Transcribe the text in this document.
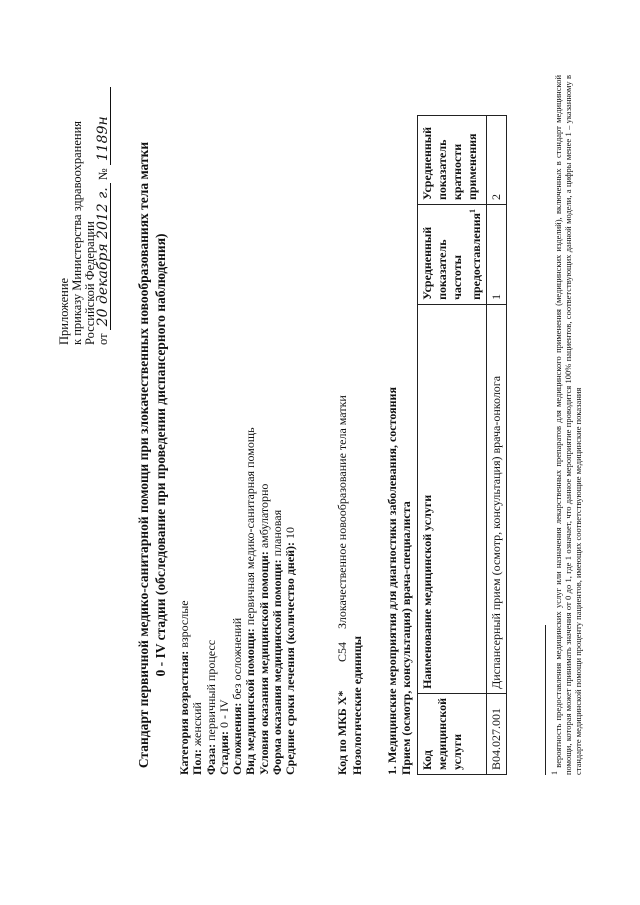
Приложение к приказу Министерства здравоохранения Российской Федерации от 20 декабря 2012 г. № 1189н
Стандарт первичной медико-санитарной помощи при злокачественных новообразованиях тела матки 0 - IV стадии (обследование при проведении диспансерного наблюдения)
Категория возрастная: взрослые
Пол: женский
Фаза: первичный процесс
Стадия: 0 - IV Осложнения: без осложнений Вид медицинской помощи: первичная медико-санитарная помощь
Условия оказания медицинской помощи: амбулаторно
Форма оказания медицинской помощи: плановая
Средние сроки лечения (количество дней): 10
Код по МКБ X* C54 Злокачественное новообразование тела матки
Нозологические единицы 1. Медицинские мероприятия для диагностики заболевания, состояния Прием (осмотр, консультация) врача-специалиста Код медицинской услуги	Наименование медицинской услуги	Усредненный показатель частоты предоставления$^1$	Усредненный показатель кратности применения
B04.027.001	Диспансерный прием (осмотр, консультация) врача-онколога	1	2
$^1$ вероятность предоставления медицинских услуг или назначения лекарственных препаратов для медицинского применения (медицинских изделий), включенных в стандарт медицинской помощи, которая может принимать значения от 0 до 1, где 1 означает, что данное мероприятие проводится 100% пациентов, соответствующих данной модели, а цифры менее 1 – указанному в стандарте медицинской помощи проценту пациентов, имеющих соответствующие медицинские показания
